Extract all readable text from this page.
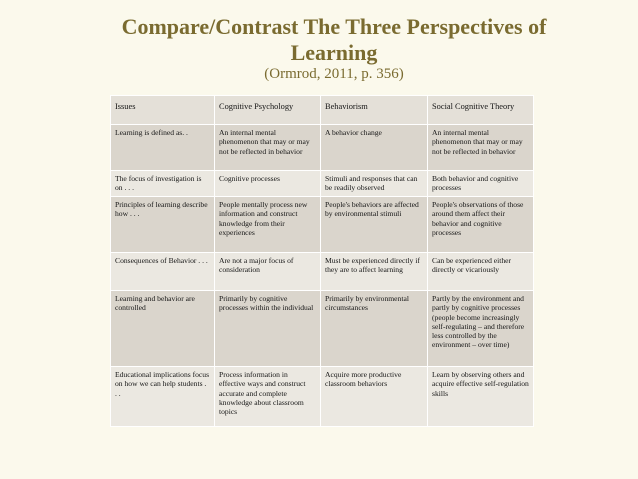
Compare/Contrast The Three Perspectives of
Learning
(Ormrod, 2011, p. 356)
Issues	Cognitive Psychology	Behaviorism	Social Cognitive Theory
Learning is defined as. .	An internal mental phenomenon that may or may not be reflected in behavior	A behavior change	An internal mental phenomenon that may or may not be reflected in behavior
The focus of investigation is on . . .	Cognitive processes	Stimuli and responses that can be readily observed	Both behavior and cognitive processes
Principles of learning describe how . . .	People mentally process new information and construct knowledge from their experiences	People's behaviors are affected by environmental stimuli	People's observations of those around them affect their behavior and cognitive processes
Consequences of Behavior . . .	Are not a major focus of consideration	Must be experienced directly if they are to affect learning	Can be experienced either directly or vicariously
Learning and behavior are controlled	Primarily by cognitive processes within the individual	Primarily by environmental circumstances	Partly by the environment and partly by cognitive processes (people become increasingly self-regulating – and therefore less controlled by the environment – over time)
Educational implications focus on how we can help students . . .	Process information in effective ways and construct accurate and complete knowledge about classroom topics	Acquire more productive classroom behaviors	Learn by observing others and acquire effective self-regulation skills
